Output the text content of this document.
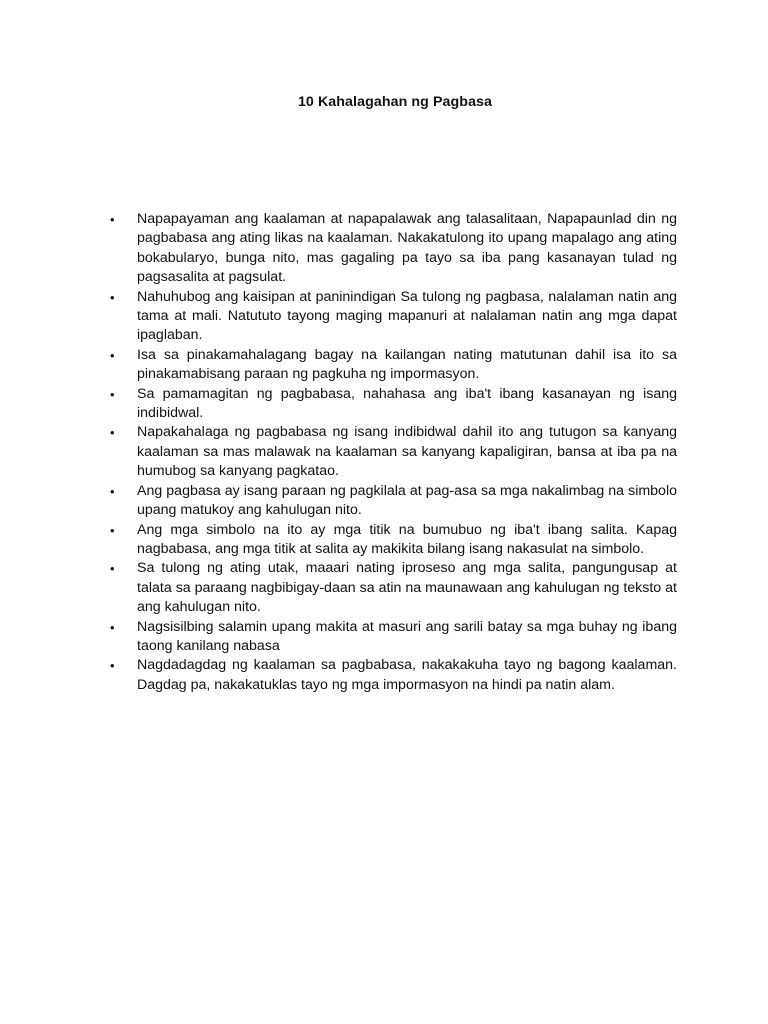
10 Kahalagahan ng Pagbasa
•	Napapayaman ang kaalaman at napapalawak ang talasalitaan, Napapaunlad din ng pagbabasa ang ating likas na kaalaman. Nakakatulong ito upang mapalago ang ating bokabularyo, bunga nito, mas gagaling pa tayo sa iba pang kasanayan tulad ng pagsasalita at pagsulat.
•	Nahuhubog ang kaisipan at paninindigan Sa tulong ng pagbasa, nalalaman natin ang tama at mali. Natututo tayong maging mapanuri at nalalaman natin ang mga dapat ipaglaban.
•	Isa sa pinakamahalagang bagay na kailangan nating matutunan dahil isa ito sa pinakamabisang paraan ng pagkuha ng impormasyon.
•	Sa pamamagitan ng pagbabasa, nahahasa ang iba't ibang kasanayan ng isang indibidwal.
•	Napakahalaga ng pagbabasa ng isang indibidwal dahil ito ang tutugon sa kanyang kaalaman sa mas malawak na kaalaman sa kanyang kapaligiran, bansa at iba pa na humubog sa kanyang pagkatao.
•	Ang pagbasa ay isang paraan ng pagkilala at pag-asa sa mga nakalimbag na simbolo upang matukoy ang kahulugan nito.
•	Ang mga simbolo na ito ay mga titik na bumubuo ng iba't ibang salita. Kapag nagbabasa, ang mga titik at salita ay makikita bilang isang nakasulat na simbolo.
•	Sa tulong ng ating utak, maaari nating iproseso ang mga salita, pangungusap at talata sa paraang nagbibigay-daan sa atin na maunawaan ang kahulugan ng teksto at ang kahulugan nito.
•	Nagsisilbing salamin upang makita at masuri ang sarili batay sa mga buhay ng ibang taong kanilang nabasa
•	Nagdadagdag ng kaalaman sa pagbabasa, nakakakuha tayo ng bagong kaalaman. Dagdag pa, nakakatuklas tayo ng mga impormasyon na hindi pa natin alam.
